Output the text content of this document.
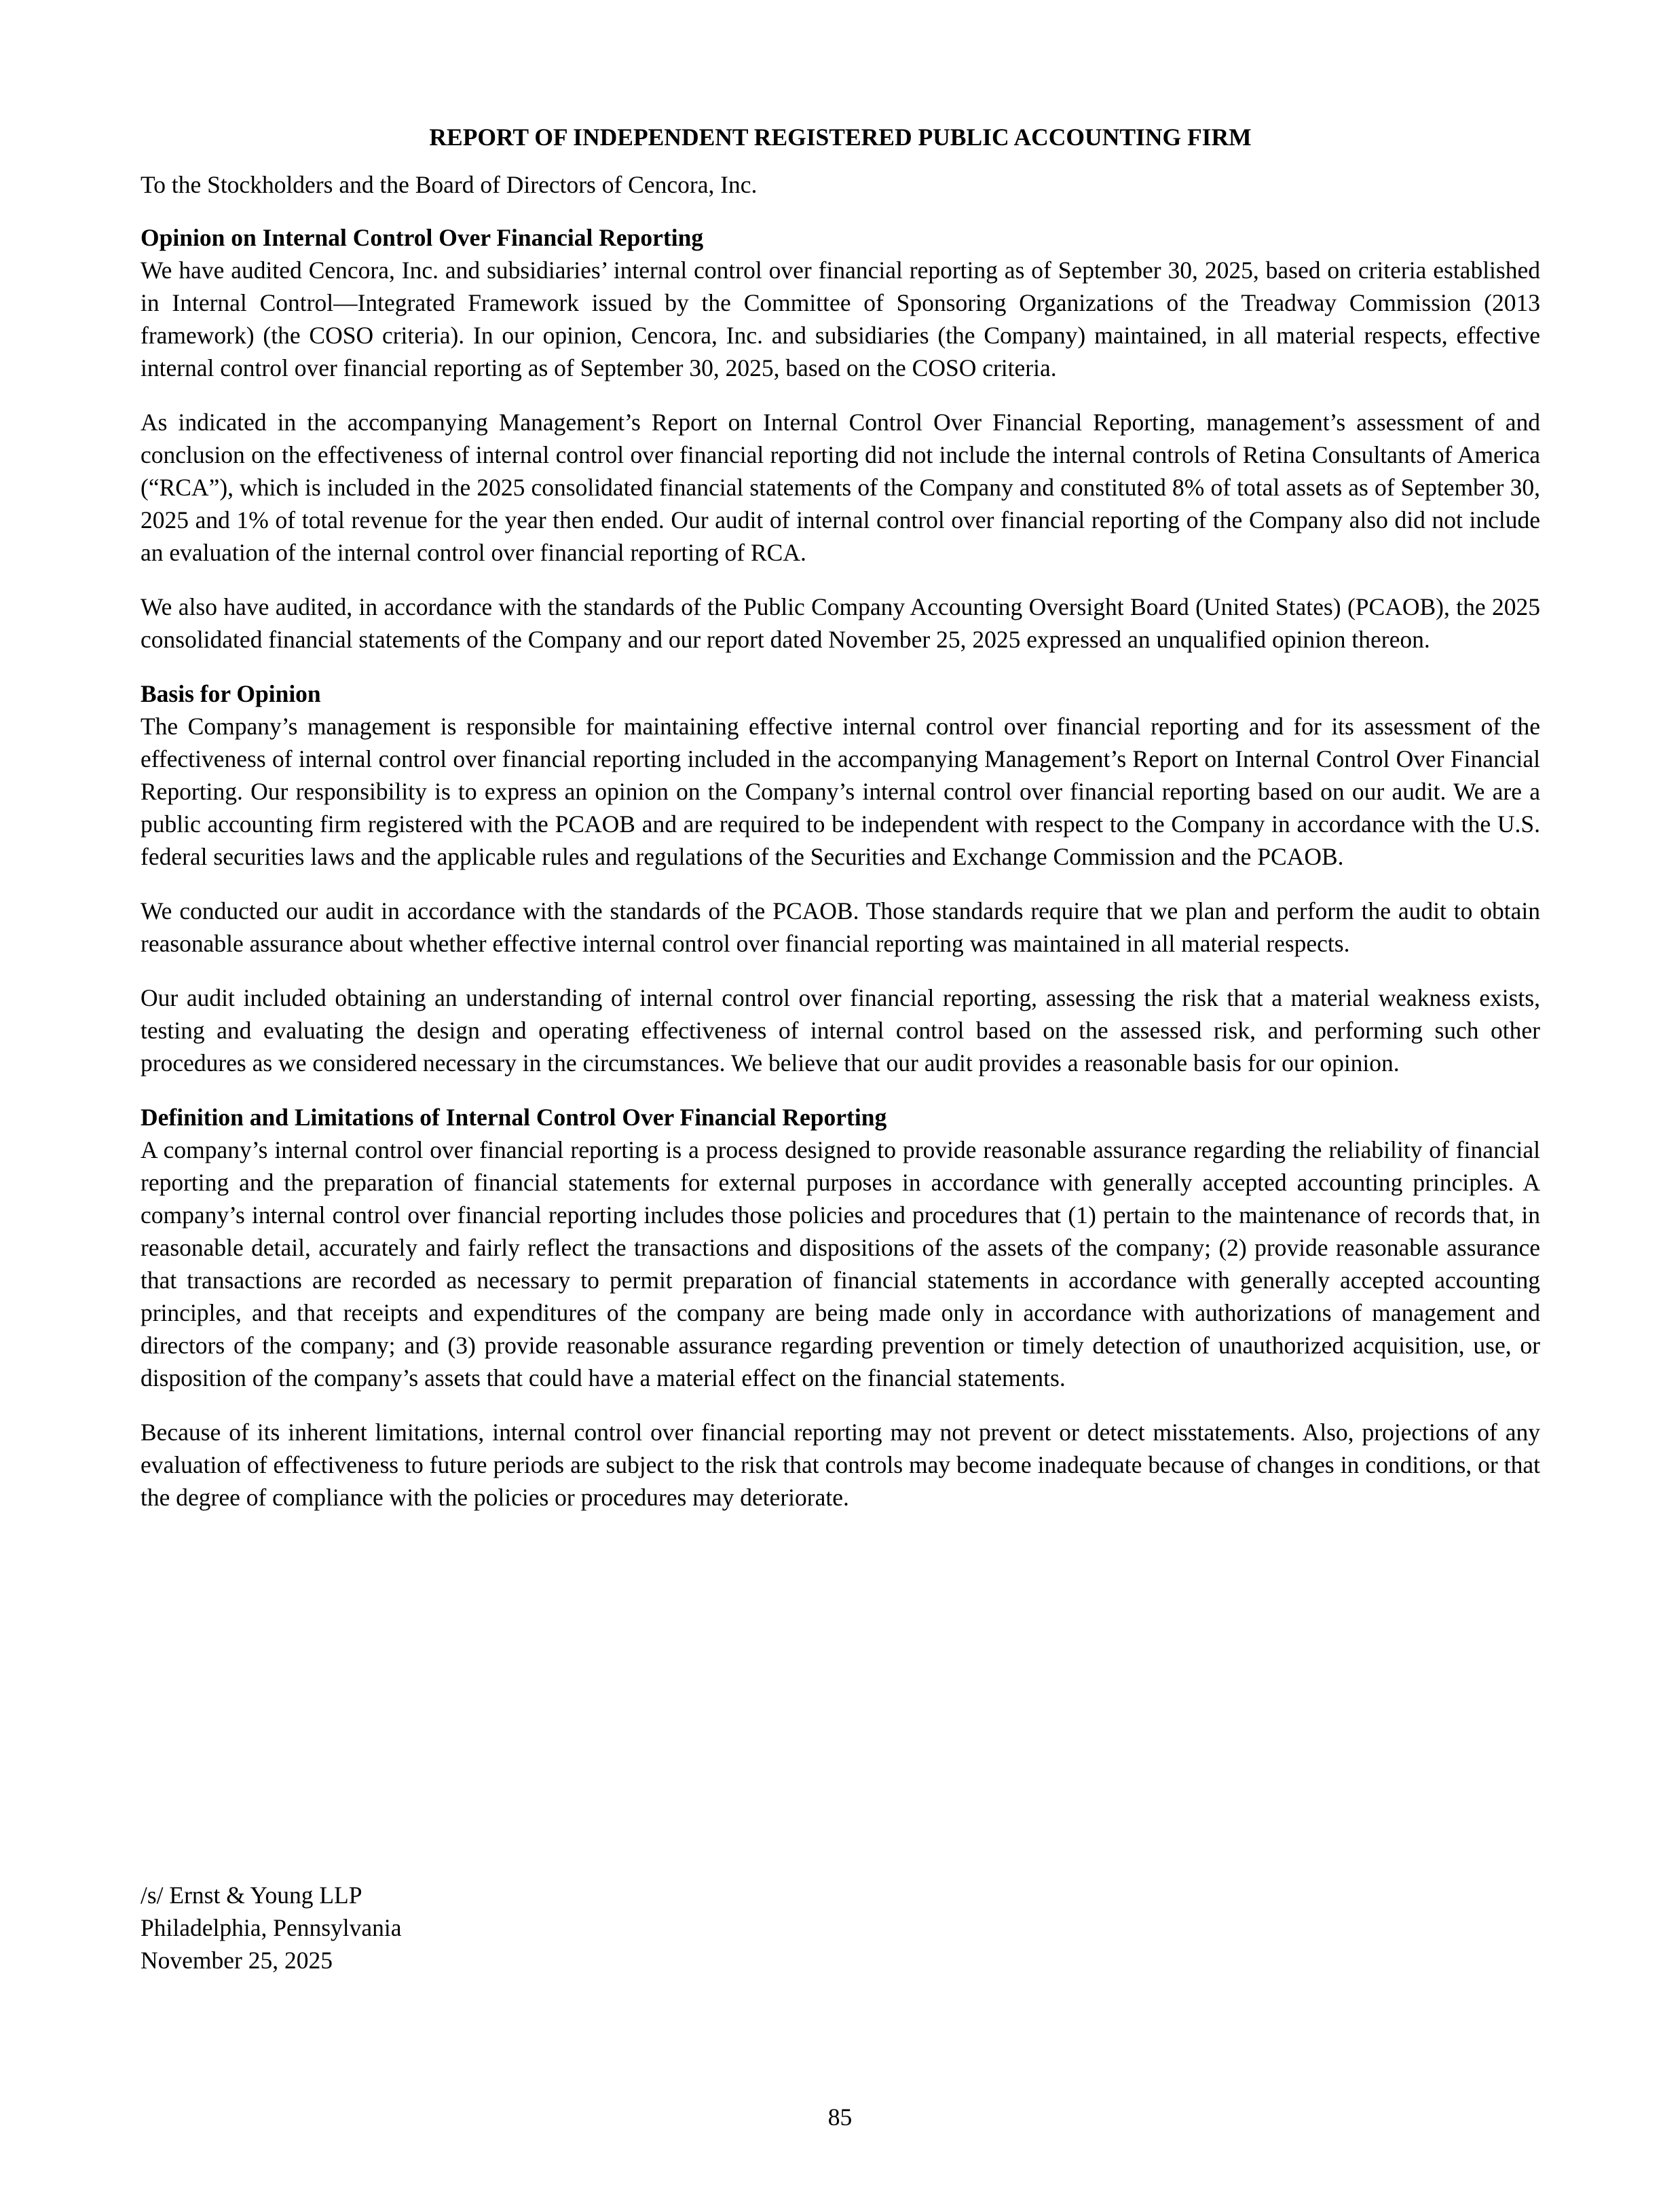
REPORT OF INDEPENDENT REGISTERED PUBLIC ACCOUNTING FIRM
To the Stockholders and the Board of Directors of Cencora, Inc.
Opinion on Internal Control Over Financial Reporting
We have audited Cencora, Inc. and subsidiaries’ internal control over financial reporting as of September 30, 2025, based on criteria established in Internal Control—Integrated Framework issued by the Committee of Sponsoring Organizations of the Treadway Commission (2013 framework) (the COSO criteria). In our opinion, Cencora, Inc. and subsidiaries (the Company) maintained, in all material respects, effective internal control over financial reporting as of September 30, 2025, based on the COSO criteria.
As indicated in the accompanying Management’s Report on Internal Control Over Financial Reporting, management’s assessment of and conclusion on the effectiveness of internal control over financial reporting did not include the internal controls of Retina Consultants of America (“RCA”), which is included in the 2025 consolidated financial statements of the Company and constituted 8% of total assets as of September 30, 2025 and 1% of total revenue for the year then ended. Our audit of internal control over financial reporting of the Company also did not include an evaluation of the internal control over financial reporting of RCA.
We also have audited, in accordance with the standards of the Public Company Accounting Oversight Board (United States) (PCAOB), the 2025 consolidated financial statements of the Company and our report dated November 25, 2025 expressed an unqualified opinion thereon.
Basis for Opinion
The Company’s management is responsible for maintaining effective internal control over financial reporting and for its assessment of the effectiveness of internal control over financial reporting included in the accompanying Management’s Report on Internal Control Over Financial Reporting. Our responsibility is to express an opinion on the Company’s internal control over financial reporting based on our audit. We are a public accounting firm registered with the PCAOB and are required to be independent with respect to the Company in accordance with the U.S. federal securities laws and the applicable rules and regulations of the Securities and Exchange Commission and the PCAOB.
We conducted our audit in accordance with the standards of the PCAOB. Those standards require that we plan and perform the audit to obtain reasonable assurance about whether effective internal control over financial reporting was maintained in all material respects.
Our audit included obtaining an understanding of internal control over financial reporting, assessing the risk that a material weakness exists, testing and evaluating the design and operating effectiveness of internal control based on the assessed risk, and performing such other procedures as we considered necessary in the circumstances. We believe that our audit provides a reasonable basis for our opinion.
Definition and Limitations of Internal Control Over Financial Reporting
A company’s internal control over financial reporting is a process designed to provide reasonable assurance regarding the reliability of financial reporting and the preparation of financial statements for external purposes in accordance with generally accepted accounting principles. A company’s internal control over financial reporting includes those policies and procedures that (1) pertain to the maintenance of records that, in reasonable detail, accurately and fairly reflect the transactions and dispositions of the assets of the company; (2) provide reasonable assurance that transactions are recorded as necessary to permit preparation of financial statements in accordance with generally accepted accounting principles, and that receipts and expenditures of the company are being made only in accordance with authorizations of management and directors of the company; and (3) provide reasonable assurance regarding prevention or timely detection of unauthorized acquisition, use, or disposition of the company’s assets that could have a material effect on the financial statements.
Because of its inherent limitations, internal control over financial reporting may not prevent or detect misstatements. Also, projections of any evaluation of effectiveness to future periods are subject to the risk that controls may become inadequate because of changes in conditions, or that the degree of compliance with the policies or procedures may deteriorate.
/s/ Ernst & Young LLP
Philadelphia, Pennsylvania
November 25, 2025
85
